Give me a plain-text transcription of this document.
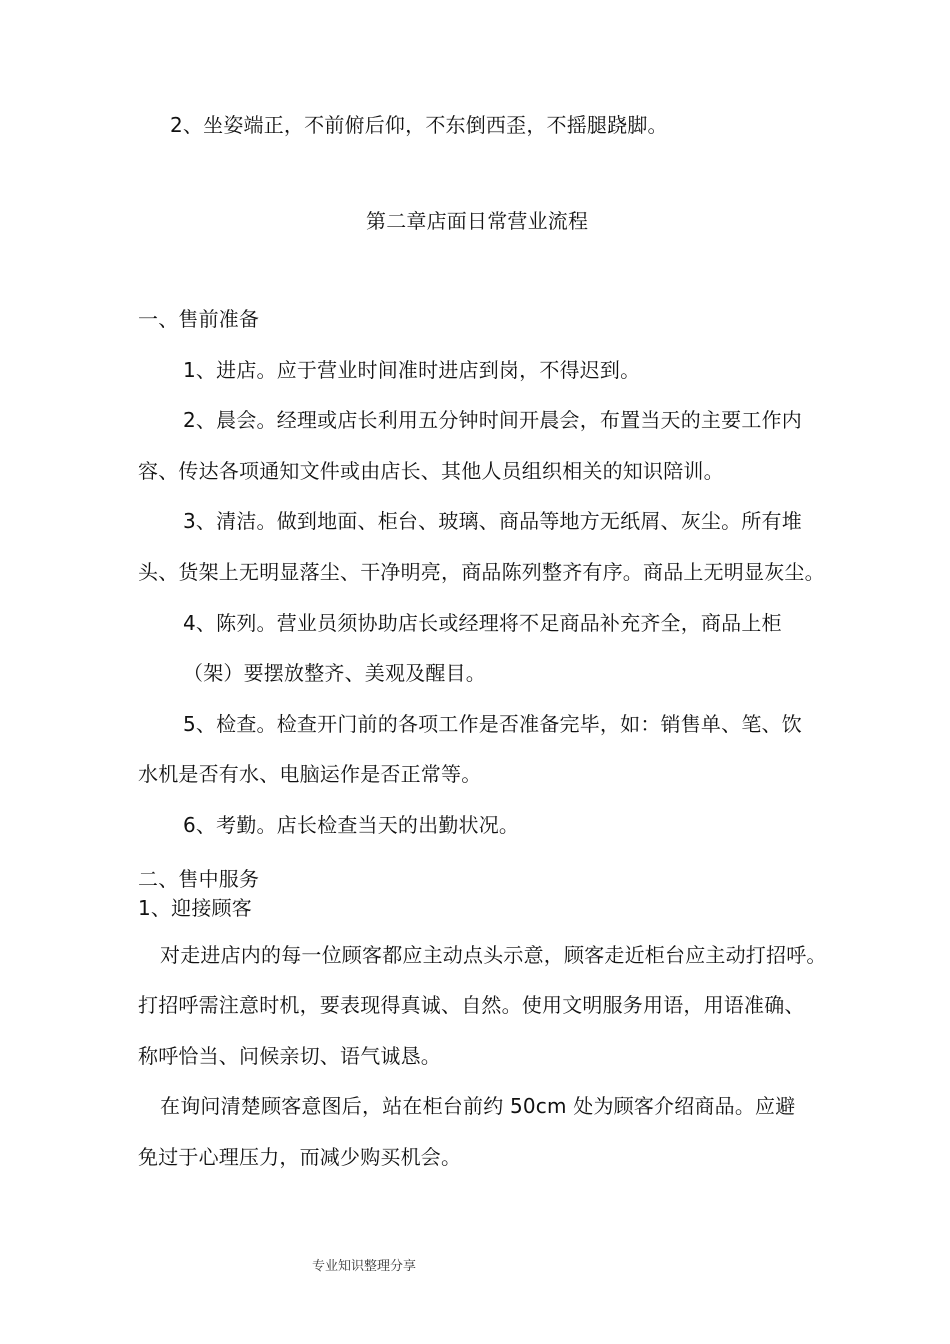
2、坐姿端正，不前俯后仰，不东倒西歪，不摇腿跷脚。
第二章店面日常营业流程
一、售前准备
1、进店。应于营业时间准时进店到岗，不得迟到。
2、晨会。经理或店长利用五分钟时间开晨会，布置当天的主要工作内
容、传达各项通知文件或由店长、其他人员组织相关的知识陪训。
3、清洁。做到地面、柜台、玻璃、商品等地方无纸屑、灰尘。所有堆
头、货架上无明显落尘、干净明亮，商品陈列整齐有序。商品上无明显灰尘。
4、陈列。营业员须协助店长或经理将不足商品补充齐全，商品上柜
（架）要摆放整齐、美观及醒目。
5、检查。检查开门前的各项工作是否准备完毕，如：销售单、笔、饮
水机是否有水、电脑运作是否正常等。
6、考勤。店长检查当天的出勤状况。
二、售中服务
1、迎接顾客
对走进店内的每一位顾客都应主动点头示意，顾客走近柜台应主动打招呼。
打招呼需注意时机，要表现得真诚、自然。使用文明服务用语，用语准确、
称呼恰当、问候亲切、语气诚恳。
在询问清楚顾客意图后，站在柜台前约 50cm 处为顾客介绍商品。应避
免过于心理压力，而减少购买机会。
专业知识整理分享
